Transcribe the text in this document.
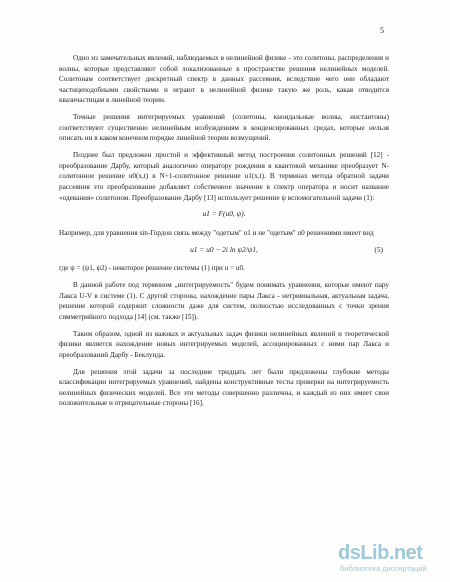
5

Одно из замечательных явлений, наблюдаемых в нелинейной физике - это солитоны, распределения и волны, которые представляют собой локализованные в пространстве решения нелинейных моделей. Солитонам соответствует дискретный спектр в данных рассеяния, вследствие чего они обладают частицеподобными свойствами и играют в нелинейной физике такую же роль, какая отводится квазичастицам в линейной теории.

Точные решения интегрируемых уравнений (солитоны, кноидальные волны, инстантоны) соответствуют существенно нелинейным возбуждениям в конденсированных средах, которые нельзя описать ни в каком конечном порядке линейной теории возмущений.

Позднее был предложен простой и эффективный метод построения солитонных решений [12] - преобразование Дарбу, который аналогично оператору рождения в квантовой механике преобразует N-солитонное решение u0(x,t) в N+1-солитонное решение u1(x,t). В терминах метода обратной задачи рассеяния это преобразование добавляет собственное значение в спектр оператора и носит название «одевания» солитоном. Преобразование Дарбу [13] использует решение ψ вспомогательной задачи (1):

u1 = F(u0, ψ).

Например, для уравнения sin-Гордон связь между "одетым" u1 и не "одетым" u0 решениями имеет вид

u1 = u0 − 2i ln ψ2/ψ1,	(5)

где ψ = (ψ1, ψ2) - некоторое решение системы (1) при u = u0.

В данной работе под термином „интегрируемость" будем понимать уравнения, которые имеют пару Лакса U-V в системе (1). С другой стороны, нахождение пары Лакса - нетривиальная, актуальная задача, решение которой содержит сложности даже для систем, полностью исследованных с точки зрения симметрийного подхода [14] (см. также [15]).

Таким образом, одной из важных и актуальных задач физики нелинейных явлений и теоретической физики является нахождение новых интегрируемых моделей, ассоциированных с ними пар Лакса и преобразований Дарбу - Беклунда.

Для решения этой задачи за последние тридцать лет были предложены глубокие методы классификации интегрируемых уравнений, найдены конструктивные тесты проверки на интегрируемость нелинейных физических моделей. Все эти методы совершенно различны, и каждый из них имеет свои положительные и отрицательные стороны [16].

dsLib.net
библиотека диссертаций
